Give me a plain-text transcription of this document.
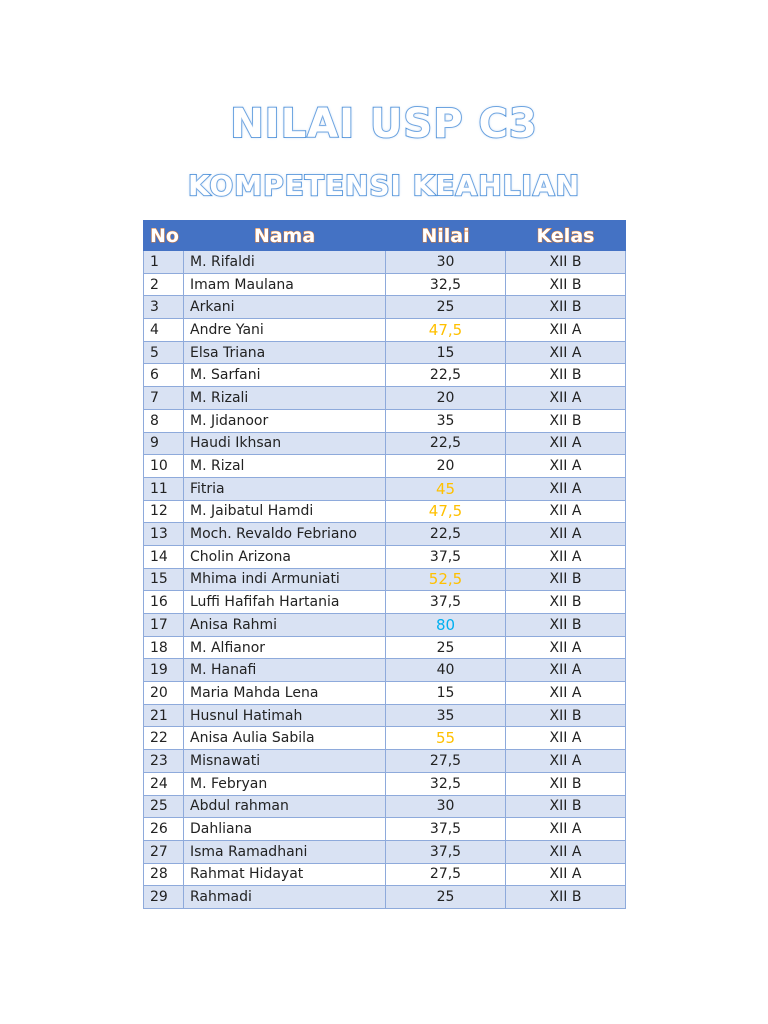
NILAI USP C3
KOMPETENSI KEAHLIAN
No	Nama	Nilai	Kelas
1	M. Rifaldi	30	XII B
2	Imam Maulana	32,5	XII B
3	Arkani	25	XII B
4	Andre Yani	47,5	XII A
5	Elsa Triana	15	XII A
6	M. Sarfani	22,5	XII B
7	M. Rizali	20	XII A
8	M. Jidanoor	35	XII B
9	Haudi Ikhsan	22,5	XII A
10	M. Rizal	20	XII A
11	Fitria	45	XII A
12	M. Jaibatul Hamdi	47,5	XII A
13	Moch. Revaldo Febriano	22,5	XII A
14	Cholin Arizona	37,5	XII A
15	Mhima indi Armuniati	52,5	XII B
16	Luffi Hafifah Hartania	37,5	XII B
17	Anisa Rahmi	80	XII B
18	M. Alfianor	25	XII A
19	M. Hanafi	40	XII A
20	Maria Mahda Lena	15	XII A
21	Husnul Hatimah	35	XII B
22	Anisa Aulia Sabila	55	XII A
23	Misnawati	27,5	XII A
24	M. Febryan	32,5	XII B
25	Abdul rahman	30	XII B
26	Dahliana	37,5	XII A
27	Isma Ramadhani	37,5	XII A
28	Rahmat Hidayat	27,5	XII A
29	Rahmadi	25	XII B
